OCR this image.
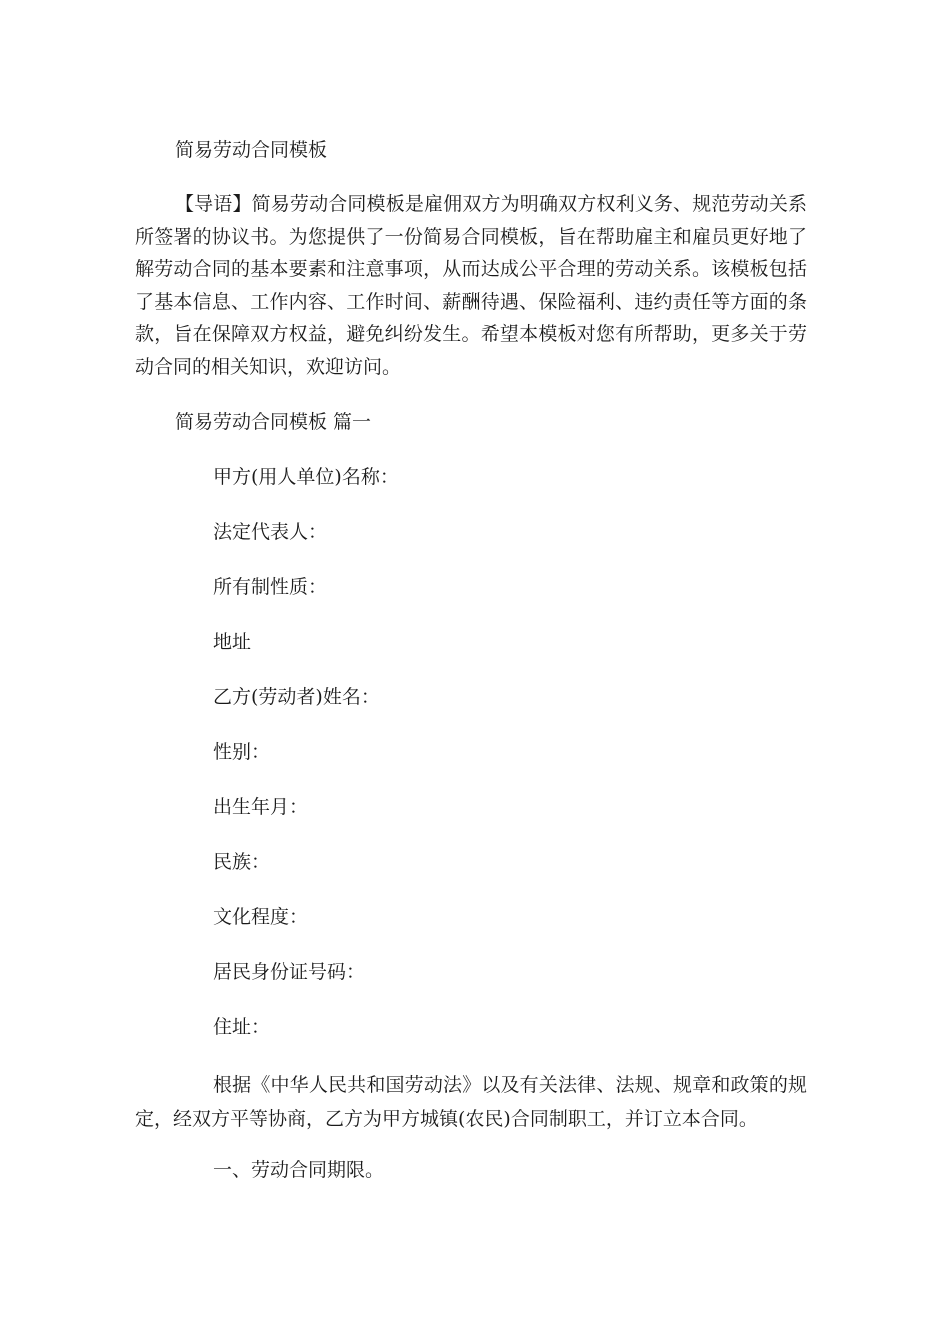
简易劳动合同模板

【导语】简易劳动合同模板是雇佣双方为明确双方权利义务、规范劳动关系所签署的协议书。为您提供了一份简易合同模板，旨在帮助雇主和雇员更好地了解劳动合同的基本要素和注意事项，从而达成公平合理的劳动关系。该模板包括了基本信息、工作内容、工作时间、薪酬待遇、保险福利、违约责任等方面的条款，旨在保障双方权益，避免纠纷发生。希望本模板对您有所帮助，更多关于劳动合同的相关知识，欢迎访问。

简易劳动合同模板 篇一
甲方(用人单位)名称：
法定代表人：
所有制性质：
地址
乙方(劳动者)姓名：
性别：
出生年月：
民族：
文化程度：
居民身份证号码：
住址：

根据《中华人民共和国劳动法》以及有关法律、法规、规章和政策的规定，经双方平等协商，乙方为甲方城镇(农民)合同制职工，并订立本合同。

一、劳动合同期限。
